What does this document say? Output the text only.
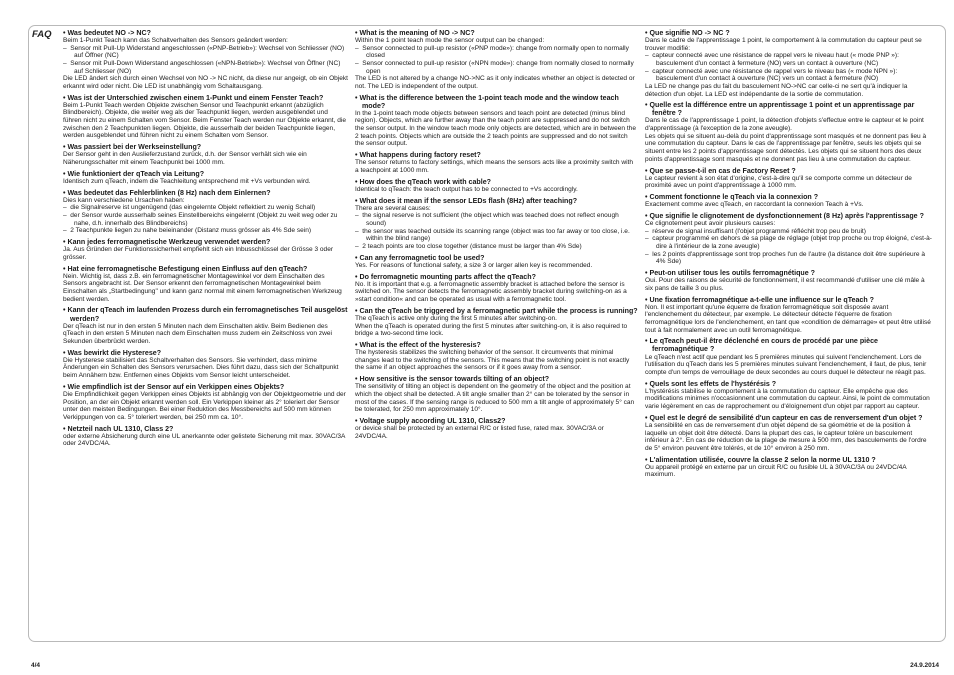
FAQ
•	Was bedeutet NO -> NC?
Beim 1-Punkt Teach kann das Schaltverhalten des Sensors geändert werden:
–  Sensor mit Pull-Up Widerstand angeschlossen («PNP-Betrieb»): Wechsel von Schliesser (NO) auf Öffner (NC)
–  Sensor mit Pull-Down Widerstand angeschlossen («NPN-Betrieb»): Wechsel von Öffner (NC) auf Schliesser (NO)
Die LED ändert sich durch einen Wechsel von NO -> NC nicht, da diese nur angeigt, ob ein Objekt erkannt wird oder nicht. Die LED ist unabhängig vom Schaltausgang.
• Was ist der Unterschied zwischen einem 1-Punkt und einem Fenster Teach?
Beim 1-Punkt Teach werden Objekte zwischen Sensor und Teachpunkt erkannt (abzüglich Blindbereich). Objekte, die weiter weg als der Teachpunkt liegen, werden ausgeblendet und führen nicht zu einem Schalten vom Sensor. Beim Fenster Teach werden nur Objekte erkannt, die zwischen den 2 Teachpunkten liegen. Objekte, die ausserhalb der beiden Teachpunkte liegen, werden ausgeblendet und führen nicht zu einem Schalten vom Sensor.
• Was passiert bei der Werkseinstellung?
Der Sensor geht in den Auslieferzustand zurück, d.h. der Sensor verhält sich wie ein Näherungsschalter mit einem Teachpunkt bei 1000 mm.
• Wie funktioniert der qTeach via Leitung?
Identisch zum qTeach, indem die Teachleitung entsprechend mit +Vs verbunden wird.
• Was bedeutet das Fehlerblinken (8 Hz) nach dem Einlernen?
Dies kann verschiedene Ursachen haben:
–  die Signalreserve ist ungenügend (das eingelernte Objekt reflektiert zu wenig Schall)
–  der Sensor wurde ausserhalb seines Einstellbereichs eingelernt (Objekt zu weit weg oder zu nahe, d.h. innerhalb des Blindbereichs)
–  2 Teachpunkte liegen zu nahe beieinander (Distanz muss grösser als 4% Sde sein)
• Kann jedes ferromagnetische Werkzeug verwendet werden?
Ja. Aus Gründen der Funktionssicherheit empfiehlt sich ein Inbusschlüssel der Grösse 3 oder grösser.
• Hat eine ferromagnetische Befestigung einen Einfluss auf den qTeach?
Nein. Wichtig ist, dass z.B. ein ferromagnetischer Montagewinkel vor dem Einschalten des Sensors angebracht ist. Der Sensor erkennt den ferromagnetischen Montagewinkel beim Einschalten als „Startbedingung" und kann ganz normal mit einem ferromagnetischen Werkzeug bedient werden.
• Kann der qTeach im laufenden Prozess durch ein ferromagnetisches Teil ausgelöst werden?
Der qTeach ist nur in den ersten 5 Minuten nach dem Einschalten aktiv. Beim Bedienen des qTeach in den ersten 5 Minuten nach dem Einschalten muss zudem ein Zeitschloss von zwei Sekunden überbrückt werden.
• Was bewirkt die Hysterese?
Die Hysterese stabilisiert das Schaltverhalten des Sensors. Sie verhindert, dass minime Änderungen ein Schalten des Sensors verursachen. Dies führt dazu, dass sich der Schaltpunkt beim Annähern bzw. Entfernen eines Objekts vom Sensor leicht unterscheidet.
• Wie empfindlich ist der Sensor auf ein Verkippen eines Objekts?
Die Empfindlichkeit gegen Verkippen eines Objekts ist abhängig von der Objektgeometrie und der Position, an der ein Objekt erkannt werden soll. Ein Verkippen kleiner als 2° toleriert der Sensor unter den meisten Bedingungen. Bei einer Reduktion des Messbereichs auf 500 mm können Verkippungen von ca. 5° toleriert werden, bei 250 mm ca. 10°.
• Netzteil nach UL 1310, Class 2?
oder externe Absicherung durch eine UL anerkannte oder gelistete Sicherung mit max. 30VAC/3A oder 24VDC/4A.
• What is the meaning of NO -> NC?
Within the 1 point teach mode the sensor output can be changed:
–  Sensor connected to pull-up resistor («PNP mode»): change from normally open to normally closed
–  Sensor connected to pull-up resistor («NPN mode»): change from normally closed to normally open
The LED is not altered by a change NO->NC as it only indicates whether an object is detected or not. The LED is independent of the output.
• What is the difference between the 1-point teach mode and the window teach mode?
In the 1-point teach mode objects between sensors and teach point are detected (minus blind region). Objects, which are further away than the teach point are suppressed and do not switch the sensor output. In the window teach mode only objects are detected, which are in between the 2 teach points. Objects which are outside the 2 teach points are suppressed and do not switch the sensor output.
• What happens during factory reset?
The sensor returns to factory settings, which means the sensors acts like a proximity switch with a teachpoint at 1000 mm.
• How does the qTeach work with cable?
Identical to qTeach: the teach output has to be connected to +Vs accordingly.
• What does it mean if the sensor LEDs flash (8Hz) after teaching?
There are several causes:
–  the signal reserve is not sufficient (the object which was teached does not reflect enough sound)
–  the sensor was teached outside its scanning range (object was too far away or too close, i.e. within the blind range)
–  2 teach points are too close together (distance must be larger than 4% Sde)
• Can any ferromagnetic tool be used?
Yes. For reasons of functional safety, a size 3 or larger allen key is recommended.
• Do ferromagnetic mounting parts affect the qTeach?
No. It is important that e.g. a ferromagnetic assembly bracket is attached before the sensor is switched on. The sensor detects the ferromagnetic assembly bracket during switching-on as a »start condition« and can be operated as usual with a ferromagnetic tool.
• Can the qTeach be triggered by a ferromagnetic part while the process is running?
The qTeach is active only during the first 5 minutes after switching-on.
When the qTeach is operated during the first 5 minutes after switching-on, it is also required to bridge a two-second time lock.
• What is the effect of the hysteresis?
The hysteresis stabilizes the switching behavior of the sensor. It circumvents that minimal changes lead to the switching of the sensors. This means that the switching point is not exactly the same if an object approaches the sensors or if it goes away from a sensor.
• How sensitive is the sensor towards tilting of an object?
The sensitivity of tilting an object is dependent on the geometry of the object and the position at which the object shall be detected. A tilt angle smaller than 2° can be tolerated by the sensor in most of the cases. If the sensing range is reduced to 500 mm a tilt angle of approximately 5° can be tolerated, for 250 mm approximately 10°.
• Voltage supply according UL 1310, Class2?
or device shall be protected by an external R/C or listed fuse, rated max. 30VAC/3A or 24VDC/4A.
• Que signifie NO -> NC ?
Dans le cadre de l'apprentissage 1 point, le comportement à la commutation du capteur peut se trouver modifié:
–  capteur connecté avec une résistance de rappel vers le niveau haut (« mode PNP »): basculement d'un contact à fermeture (NO) vers un contact à ouverture (NC)
–  capteur connecté avec une résistance de rappel vers le niveau bas (« mode NPN »): basculement d'un contact à ouverture (NC) vers un contact à fermeture (NO)
La LED ne change pas du fait du basculement NO->NC car celle-ci ne sert qu'à indiquer la détection d'un objet. La LED est indépendante de la sortie de commutation.
• Quelle est la différence entre un apprentissage 1 point et un apprentissage par fenêtre ?
Dans le cas de l'apprentissage 1 point, la détection d'objets s'effectue entre le capteur et le point d'apprentissage (à l'exception de la zone aveugle).
Les objets qui se situent au-delà du point d'apprentissage sont masqués et ne donnent pas lieu à une commutation du capteur. Dans le cas de l'apprentissage par fenêtre, seuls les objets qui se situent entre les 2 points d'apprentissage sont détectés. Les objets qui se situent hors des deux points d'apprentissage sont masqués et ne donnent pas lieu à une commutation du capteur.
• Que se passe-t-il en cas de Factory Reset ?
Le capteur revient à son état d'origine, c'est-à-dire qu'il se comporte comme un détecteur de proximité avec un point d'apprentissage à 1000 mm.
• Comment fonctionne le qTeach via la connexion ?
Exactement comme avec qTeach, en raccordant la connexion Teach à +Vs.
• Que signifie le clignotement de dysfonctionnement (8 Hz) après l'apprentissage ?
Ce clignotement peut avoir plusieurs causes:
–  réserve de signal insuffisant (l'objet programmé réfléchit trop peu de bruit)
–  capteur programmé en dehors de sa plage de réglage (objet trop proche ou trop éloigné, c'est-à-dire à l'intérieur de la zone aveugle)
–  les 2 points d'apprentissage sont trop proches l'un de l'autre (la distance doit être supérieure à 4% Sde)
• Peut-on utiliser tous les outils ferromagnétique ?
Oui. Pour des raisons de sécurité de fonctionnement, il est recommandé d'utiliser une clé mâle à six pans de taille 3 ou plus.
• Une fixation ferromagnétique a-t-elle une influence sur le qTeach ?
Non. Il est important qu'une équerre de fixation ferromagnétique soit disposée avant l'enclenchement du détecteur, par exemple. Le détecteur détecte l'équerre de fixation ferromagnétique lors de l'enclenchement, en tant que «condition de démarrage» et peut être utilisé tout à fait normalement avec un outil ferromagnétique.
• Le qTeach peut-il être déclenché en cours de procédé par une pièce ferromagnétique ?
Le qTeach n'est actif que pendant les 5 premières minutes qui suivent l'enclenchement. Lors de l'utilisation du qTeach dans les 5 premières minutes suivant l'enclenchement, il faut, de plus, tenir compte d'un temps de verrouillage de deux secondes au cours duquel le détecteur ne réagit pas.
• Quels sont les effets de l'hystérésis ?
L'hystérésis stabilise le comportement à la commutation du capteur. Elle empêche que des modifications minimes n'occasionnent une commutation du capteur. Ainsi, le point de commutation varie légèrement en cas de rapprochement ou d'éloignement d'un objet par rapport au capteur.
• Quel est le degré de sensibilité d'un capteur en cas de renversement d'un objet ?
La sensibilité en cas de renversement d'un objet dépend de sa géométrie et de la position à laquelle un objet doit être détecté. Dans la plupart des cas, le capteur tolère un basculement inférieur à 2°. En cas de réduction de la plage de mesure à 500 mm, des basculements de l'ordre de 5° environ peuvent être tolérés, et de 10° environ à 250 mm.
• L'alimentation utilisée, couvre la classe 2 selon la norme UL 1310 ?
Ou appareil protégé en externe par un circuit R/C ou fusible UL à 30VAC/3A ou 24VDC/4A maximum.
4/4	24.9.2014
